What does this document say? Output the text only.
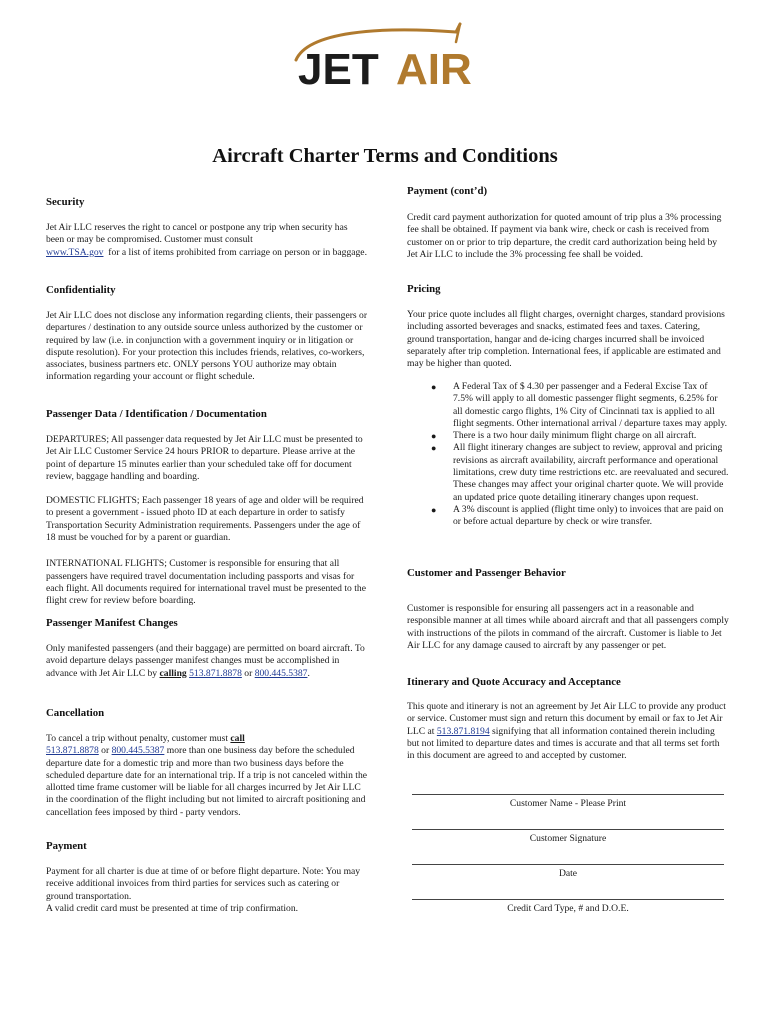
JET AIR
Aircraft Charter Terms and Conditions
Security

Jet Air LLC reserves the right to cancel or postpone any trip when security has been or may be compromised. Customer must consult
www.TSA.gov for a list of items prohibited from carriage on person or in baggage.

Confidentiality

Jet Air LLC does not disclose any information regarding clients, their passengers or departures / destination to any outside source unless authorized by the customer or required by law (i.e. in conjunction with a government inquiry or in litigation or dispute resolution). For your protection this includes friends, relatives, co-workers, associates, business partners etc. ONLY persons YOU authorize may obtain information regarding your account or flight schedule.

Passenger Data / Identification / Documentation

DEPARTURES; All passenger data requested by Jet Air LLC must be presented to Jet Air LLC Customer Service 24 hours PRIOR to departure. Please arrive at the point of departure 15 minutes earlier than your scheduled take off for document review, baggage handling and boarding.

DOMESTIC FLIGHTS; Each passenger 18 years of age and older will be required to present a government - issued photo ID at each departure in order to satisfy Transportation Security Administration requirements. Passengers under the age of 18 must be vouched for by a parent or guardian.

INTERNATIONAL FLIGHTS; Customer is responsible for ensuring that all passengers have required travel documentation including passports and visas for each flight. All documents required for international travel must be presented to the flight crew for review before boarding.

Passenger Manifest Changes

Only manifested passengers (and their baggage) are permitted on board aircraft. To avoid departure delays passenger manifest changes must be accomplished in advance with Jet Air LLC by calling 513.871.8878 or 800.445.5387.

Cancellation

To cancel a trip without penalty, customer must call
513.871.8878 or 800.445.5387 more than one business day before the scheduled departure date for a domestic trip and more than two business days before the scheduled departure date for an international trip. If a trip is not canceled within the allotted time frame customer will be liable for all charges incurred by Jet Air LLC in the coordination of the flight including but not limited to aircraft positioning and cancellation fees imposed by third - party vendors.

Payment

Payment for all charter is due at time of or before flight departure. Note: You may receive additional invoices from third parties for services such as catering or ground transportation.

A valid credit card must be presented at time of trip confirmation.

Payment (cont’d)

Credit card payment authorization for quoted amount of trip plus a 3% processing fee shall be obtained. If payment via bank wire, check or cash is received from customer on or prior to trip departure, the credit card authorization being held by Jet Air LLC to include the 3% processing fee shall be voided.

Pricing

Your price quote includes all flight charges, overnight charges, standard provisions including assorted beverages and snacks, estimated fees and taxes. Catering, ground transportation, hangar and de-icing charges incurred shall be invoiced separately after trip completion. International fees, if applicable are estimated and may be higher than quoted.

● A Federal Tax of $ 4.30 per passenger and a Federal Excise Tax of 7.5% will apply to all domestic passenger flight segments, 6.25% for all domestic cargo flights, 1% City of Cincinnati tax is applied to all flight segments. Other international arrival / departure taxes may apply.
● There is a two hour daily minimum flight charge on all aircraft.
● All flight itinerary changes are subject to review, approval and pricing revisions as aircraft availability, aircraft performance and operational limitations, crew duty time restrictions etc. are reevaluated and secured. These changes may affect your original charter quote. We will provide an updated price quote detailing itinerary changes upon request.
● A 3% discount is applied (flight time only) to invoices that are paid on or before actual departure by check or wire transfer.
Customer and Passenger Behavior

Customer is responsible for ensuring all passengers act in a reasonable and responsible manner at all times while aboard aircraft and that all passengers comply with instructions of the pilots in command of the aircraft. Customer is liable to Jet Air LLC for any damage caused to aircraft by any passenger or pet.

Itinerary and Quote Accuracy and Acceptance

This quote and itinerary is not an agreement by Jet Air LLC to provide any product or service. Customer must sign and return this document by email or fax to Jet Air LLC at 513.871.8194 signifying that all information contained therein including but not limited to departure dates and times is accurate and that all terms set forth in this document are agreed to and accepted by customer.

Customer Name - Please Print
Customer Signature
Date
Credit Card Type, # and D.O.E.
